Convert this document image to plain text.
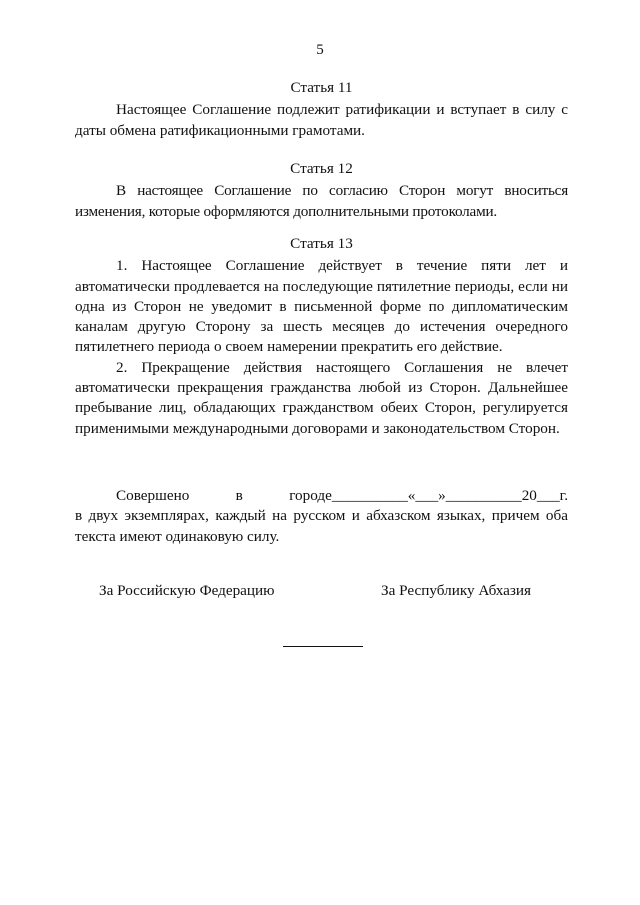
5
Статья 11

Настоящее Соглашение подлежит ратификации и вступает в силу с даты обмена ратификационными грамотами.

Статья 12

В настоящее Соглашение по согласию Сторон могут вноситься изменения, которые оформляются дополнительными протоколами.

Статья 13

1. Настоящее Соглашение действует в течение пяти лет и автоматически продлевается на последующие пятилетние периоды, если ни одна из Сторон не уведомит в письменной форме по дипломатическим каналам другую Сторону за шесть месяцев до истечения очередного пятилетнего периода о своем намерении прекратить его действие.

2. Прекращение действия настоящего Соглашения не влечет автоматически прекращения гражданства любой из Сторон. Дальнейшее пребывание лиц, обладающих гражданством обеих Сторон, регулируется применимыми международными договорами и законодательством Сторон.

Совершено	в	городе__________«___»__________20___г.

в двух экземплярах, каждый на русском и абхазском языках, причем оба текста имеют одинаковую силу.

За Российскую Федерацию	За Республику Абхазия
